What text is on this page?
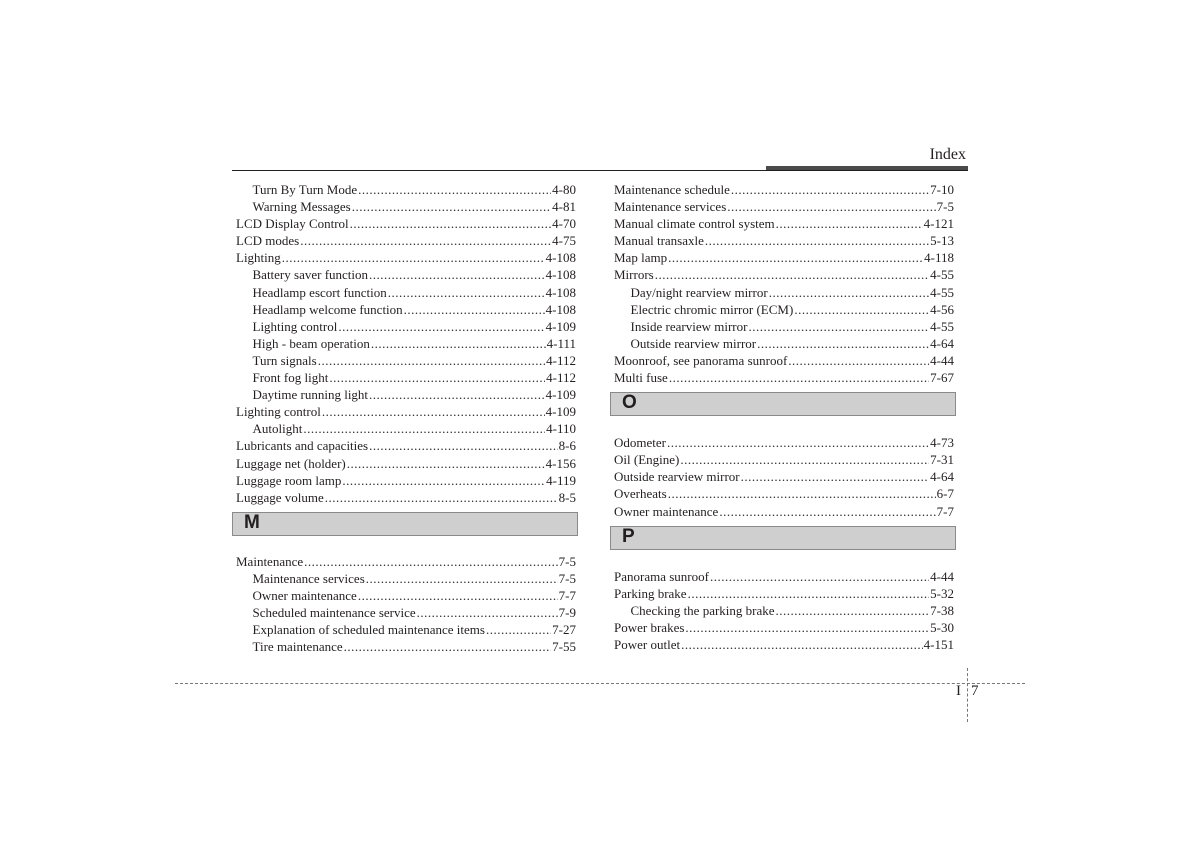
Index
Turn By Turn Mode .....	4-80
Warning Messages .....	4-81
LCD Display Control .....	4-70
LCD modes .....	4-75
Lighting .....	4-108
Battery saver function .....	4-108
Headlamp escort function .....	4-108
Headlamp welcome function .....	4-108
Lighting control .....	4-109
High - beam operation .....	4-111
Turn signals .....	4-112
Front fog light .....	4-112
Daytime running light .....	4-109
Lighting control .....	4-109
Autolight .....	4-110
Lubricants and capacities .....	8-6
Luggage net (holder) .....	4-156
Luggage room lamp .....	4-119
Luggage volume .....	8-5
M
Maintenance .....	7-5
Maintenance services .....	7-5
Owner maintenance .....	7-7
Scheduled maintenance service .....	7-9
Explanation of scheduled maintenance items .....	7-27
Tire maintenance .....	7-55
Maintenance schedule .....	7-10
Maintenance services .....	7-5
Manual climate control system .....	4-121
Manual transaxle .....	5-13
Map lamp .....	4-118
Mirrors .....	4-55
Day/night rearview mirror .....	4-55
Electric chromic mirror (ECM) .....	4-56
Inside rearview mirror .....	4-55
Outside rearview mirror .....	4-64
Moonroof, see panorama sunroof .....	4-44
Multi fuse .....	7-67
O
Odometer .....	4-73
Oil (Engine) .....	7-31
Outside rearview mirror .....	4-64
Overheats .....	6-7
Owner maintenance .....	7-7
P
Panorama sunroof .....	4-44
Parking brake .....	5-32
Checking the parking brake .....	7-38
Power brakes .....	5-30
Power outlet .....	4-151
I 7
